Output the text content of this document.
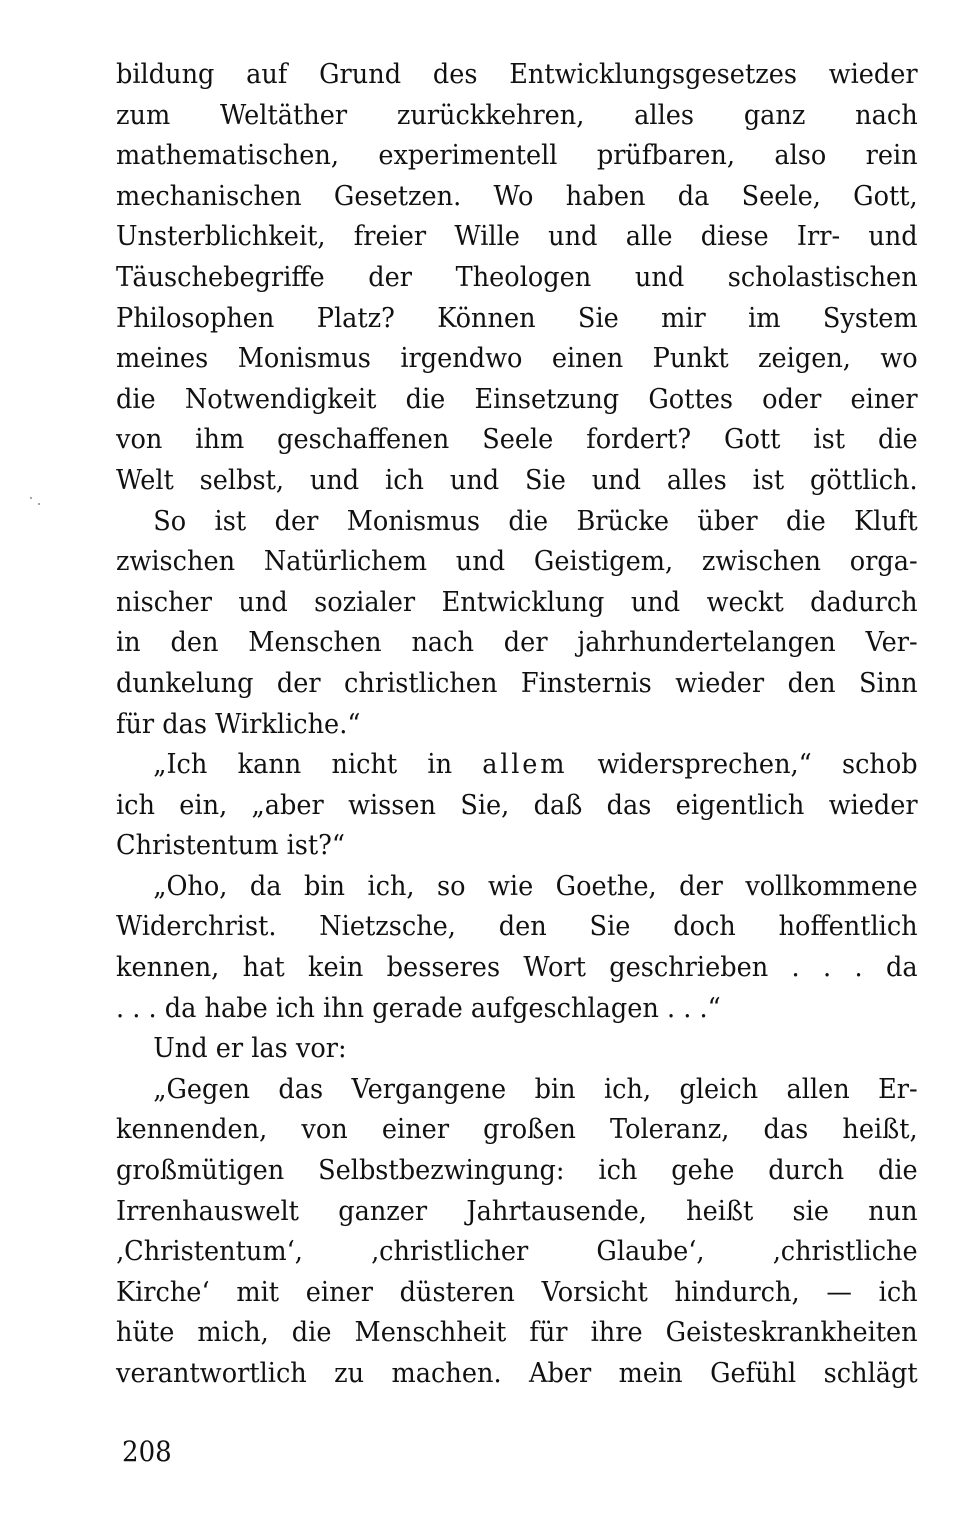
bildung auf Grund des Entwicklungsgesetzes wieder
zum Weltäther zurückkehren, alles ganz nach
mathematischen, experimentell prüfbaren, also rein
mechanischen Gesetzen. Wo haben da Seele, Gott,
Unsterblichkeit, freier Wille und alle diese Irr- und
Täuschebegriffe der Theologen und scholastischen
Philosophen Platz? Können Sie mir im System
meines Monismus irgendwo einen Punkt zeigen, wo
die Notwendigkeit die Einsetzung Gottes oder einer
von ihm geschaffenen Seele fordert? Gott ist die
Welt selbst, und ich und Sie und alles ist göttlich.
So ist der Monismus die Brücke über die Kluft
zwischen Natürlichem und Geistigem, zwischen orga-
nischer und sozialer Entwicklung und weckt dadurch
in den Menschen nach der jahrhundertelangen Ver-
dunkelung der christlichen Finsternis wieder den Sinn
für das Wirkliche.“
„Ich kann nicht in allem widersprechen,“ schob
ich ein, „aber wissen Sie, daß das eigentlich wieder
Christentum ist?“
„Oho, da bin ich, so wie Goethe, der vollkommene
Widerchrist. Nietzsche, den Sie doch hoffentlich
kennen, hat kein besseres Wort geschrieben . . . da
. . . da habe ich ihn gerade aufgeschlagen . . .“
Und er las vor:
„Gegen das Vergangene bin ich, gleich allen Er-
kennenden, von einer großen Toleranz, das heißt,
großmütigen Selbstbezwingung: ich gehe durch die
Irrenhauswelt ganzer Jahrtausende, heißt sie nun
‚Christentum‘, ‚christlicher Glaube‘, ‚christliche
Kirche‘ mit einer düsteren Vorsicht hindurch, — ich
hüte mich, die Menschheit für ihre Geisteskrankheiten
verantwortlich zu machen. Aber mein Gefühl schlägt
208
